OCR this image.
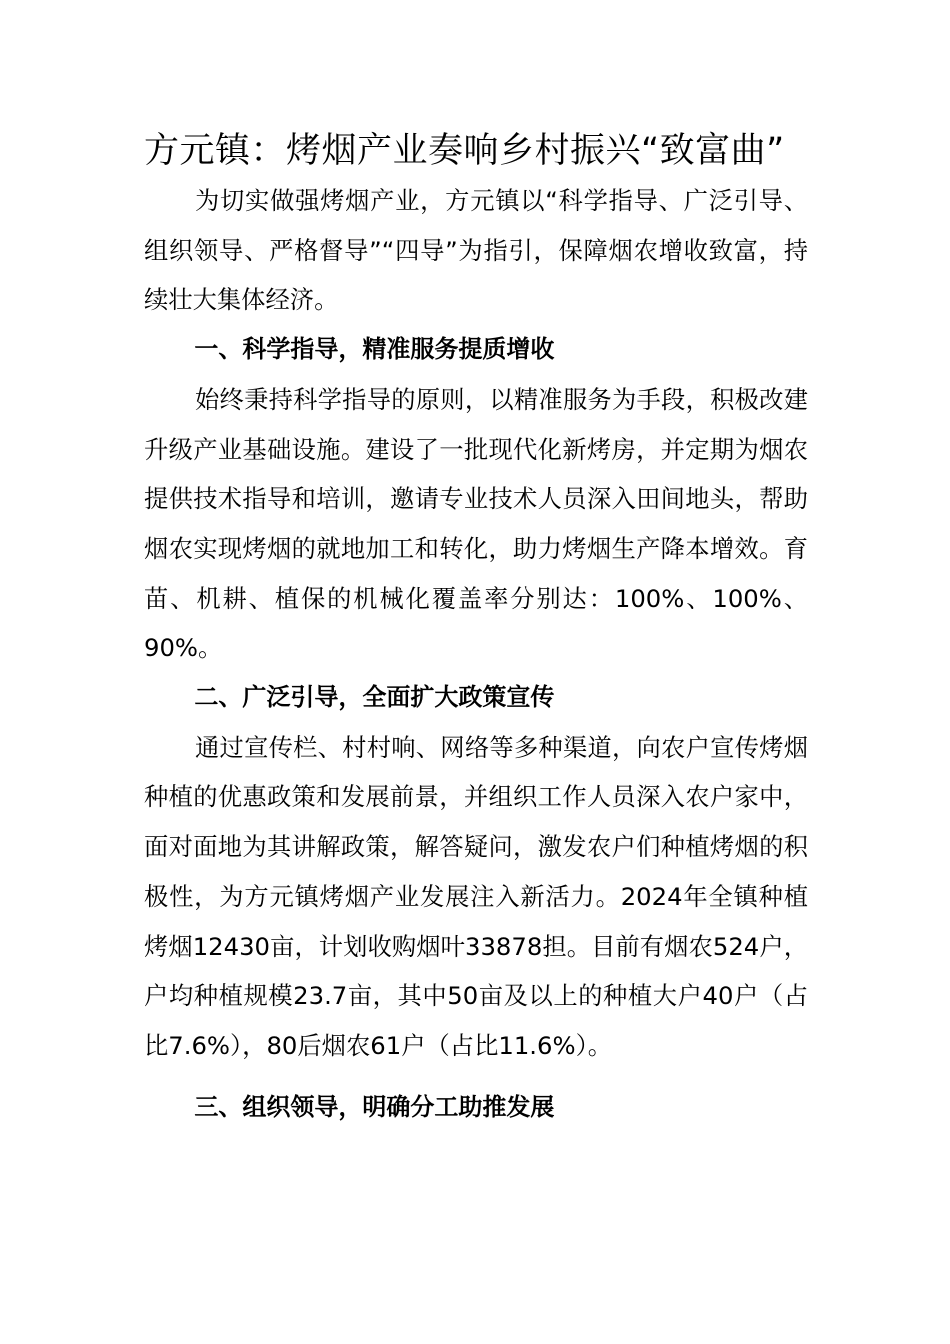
方元镇：烤烟产业奏响乡村振兴“致富曲”

为切实做强烤烟产业，方元镇以“科学指导、广泛引导、组织领导、严格督导”“四导”为指引，保障烟农增收致富，持续壮大集体经济。

一、科学指导，精准服务提质增收

始终秉持科学指导的原则，以精准服务为手段，积极改建升级产业基础设施。建设了一批现代化新烤房，并定期为烟农提供技术指导和培训，邀请专业技术人员深入田间地头，帮助烟农实现烤烟的就地加工和转化，助力烤烟生产降本增效。育苗、机耕、植保的机械化覆盖率分别达：100%、100%、90%。

二、广泛引导，全面扩大政策宣传

通过宣传栏、村村响、网络等多种渠道，向农户宣传烤烟种植的优惠政策和发展前景，并组织工作人员深入农户家中，面对面地为其讲解政策，解答疑问，激发农户们种植烤烟的积极性，为方元镇烤烟产业发展注入新活力。2024年全镇种植烤烟12430亩，计划收购烟叶33878担。目前有烟农524户，户均种植规模23.7亩，其中50亩及以上的种植大户40户（占比7.6%），80后烟农61户（占比11.6%）。

三、组织领导，明确分工助推发展
